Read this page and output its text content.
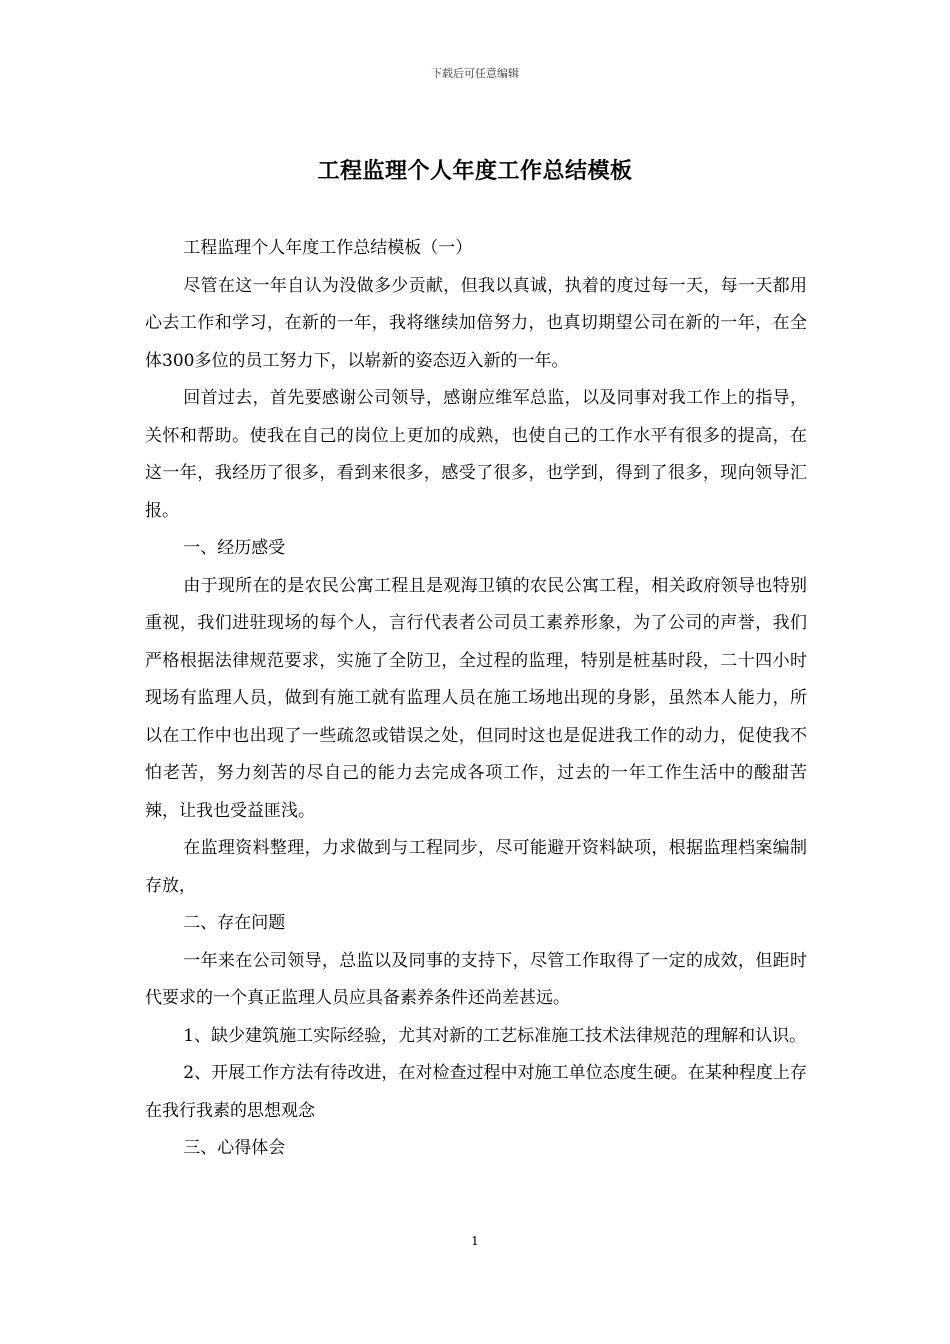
下载后可任意编辑
工程监理个人年度工作总结模板

工程监理个人年度工作总结模板（一）

尽管在这一年自认为没做多少贡献，但我以真诚，执着的度过每一天，每一天都用心去工作和学习，在新的一年，我将继续加倍努力，也真切期望公司在新的一年，在全体300多位的员工努力下，以崭新的姿态迈入新的一年。

回首过去，首先要感谢公司领导，感谢应维军总监，以及同事对我工作上的指导，关怀和帮助。使我在自己的岗位上更加的成熟，也使自己的工作水平有很多的提高，在这一年，我经历了很多，看到来很多，感受了很多，也学到，得到了很多，现向领导汇报。

一、经历感受

由于现所在的是农民公寓工程且是观海卫镇的农民公寓工程，相关政府领导也特别重视，我们进驻现场的每个人，言行代表者公司员工素养形象，为了公司的声誉，我们严格根据法律规范要求，实施了全防卫，全过程的监理，特别是桩基时段，二十四小时现场有监理人员，做到有施工就有监理人员在施工场地出现的身影，虽然本人能力，所以在工作中也出现了一些疏忽或错误之处，但同时这也是促进我工作的动力，促使我不怕老苦，努力刻苦的尽自己的能力去完成各项工作，过去的一年工作生活中的酸甜苦辣，让我也受益匪浅。

在监理资料整理，力求做到与工程同步，尽可能避开资料缺项，根据监理档案编制存放，

二、存在问题

一年来在公司领导，总监以及同事的支持下，尽管工作取得了一定的成效，但距时代要求的一个真正监理人员应具备素养条件还尚差甚远。

1、缺少建筑施工实际经验，尤其对新的工艺标准施工技术法律规范的理解和认识。

2、开展工作方法有待改进，在对检查过程中对施工单位态度生硬。在某种程度上存在我行我素的思想观念

三、心得体会

1
